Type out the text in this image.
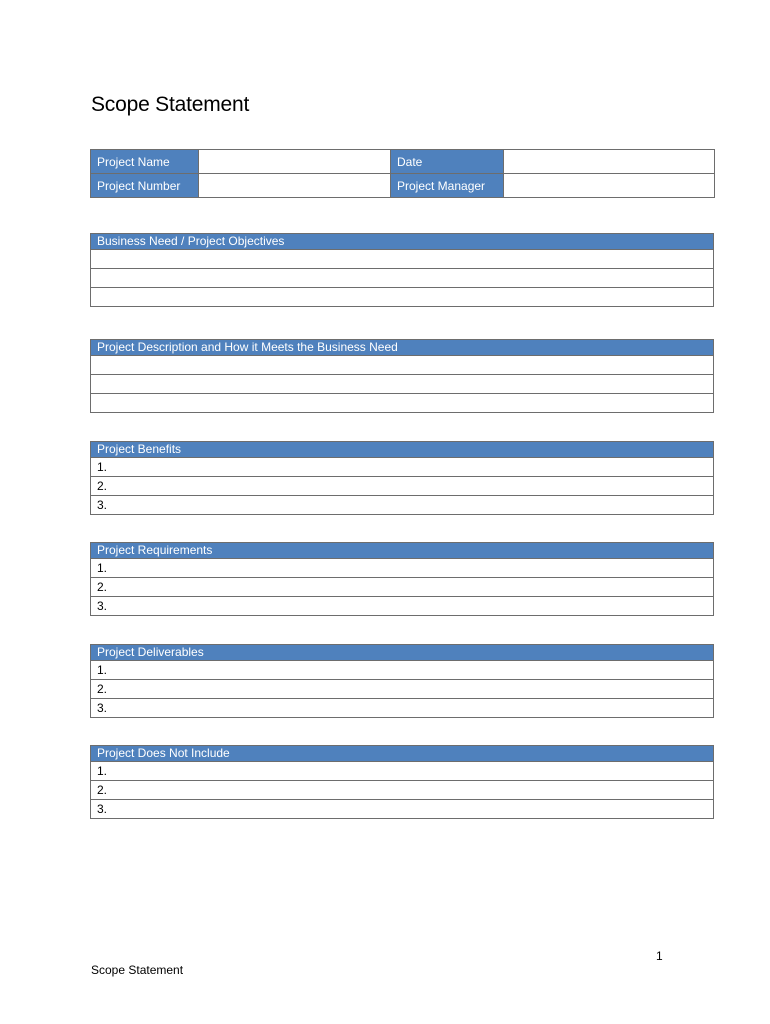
Scope Statement
Project Name		Date	
Project Number		Project Manager	
Business Need / Project Objectives

Project Description and How it Meets the Business Need

Project Benefits
1.
2.
3.
Project Requirements
1.
2.
3.
Project Deliverables
1.
2.
3.
Project Does Not Include
1.
2.
3.
1
Scope Statement
